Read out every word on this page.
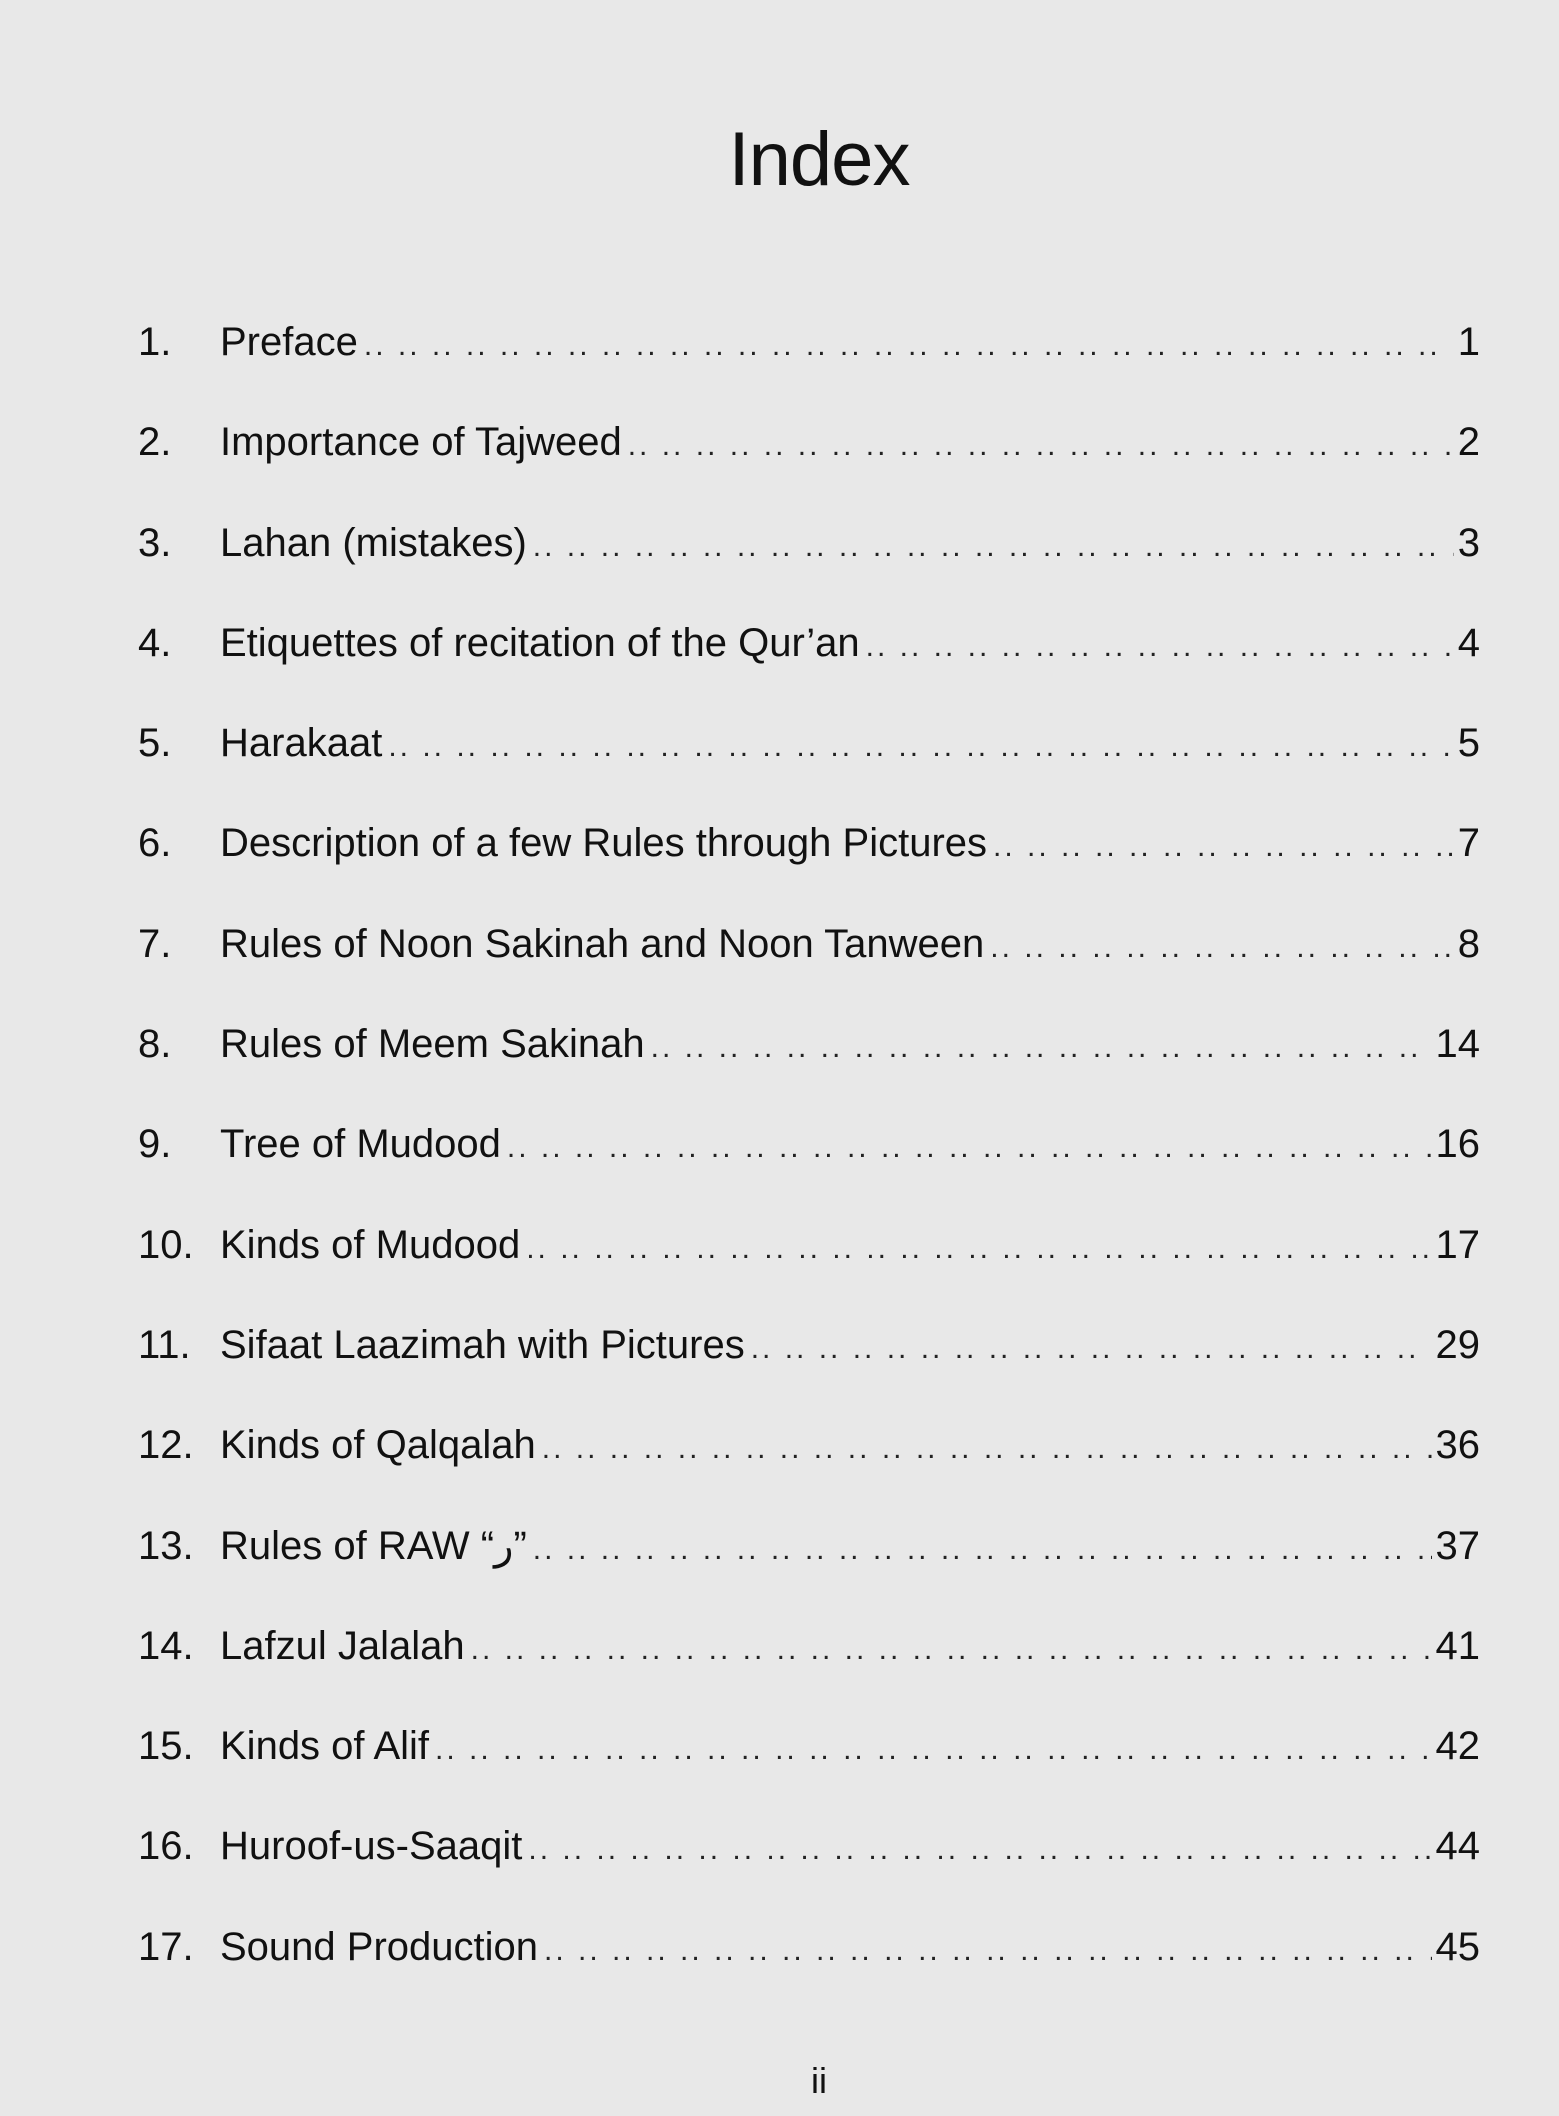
Index
1.	Preface .. ..	1
2.	Importance of Tajweed .. ..	2
3.	Lahan (mistakes) .. ..	3
4.	Etiquettes of recitation of the Qur’an .. ..	4
5.	Harakaat .. ..	5
6.	Description of a few Rules through Pictures .. ..	7
7.	Rules of Noon Sakinah and Noon Tanween .. ..	8
8.	Rules of Meem Sakinah .. ..	14
9.	Tree of Mudood .. ..	16
10. Kinds of Mudood .. ..	17
11. Sifaat Laazimah with Pictures .. ..	29
12. Kinds of Qalqalah .. ..	36
13. Rules of RAW “ر” .. ..	37
14. Lafzul Jalalah .. ..	41
15. Kinds of Alif .. ..	42
16. Huroof-us-Saaqit .. ..	44
17. Sound Production .. ..	45
ii
